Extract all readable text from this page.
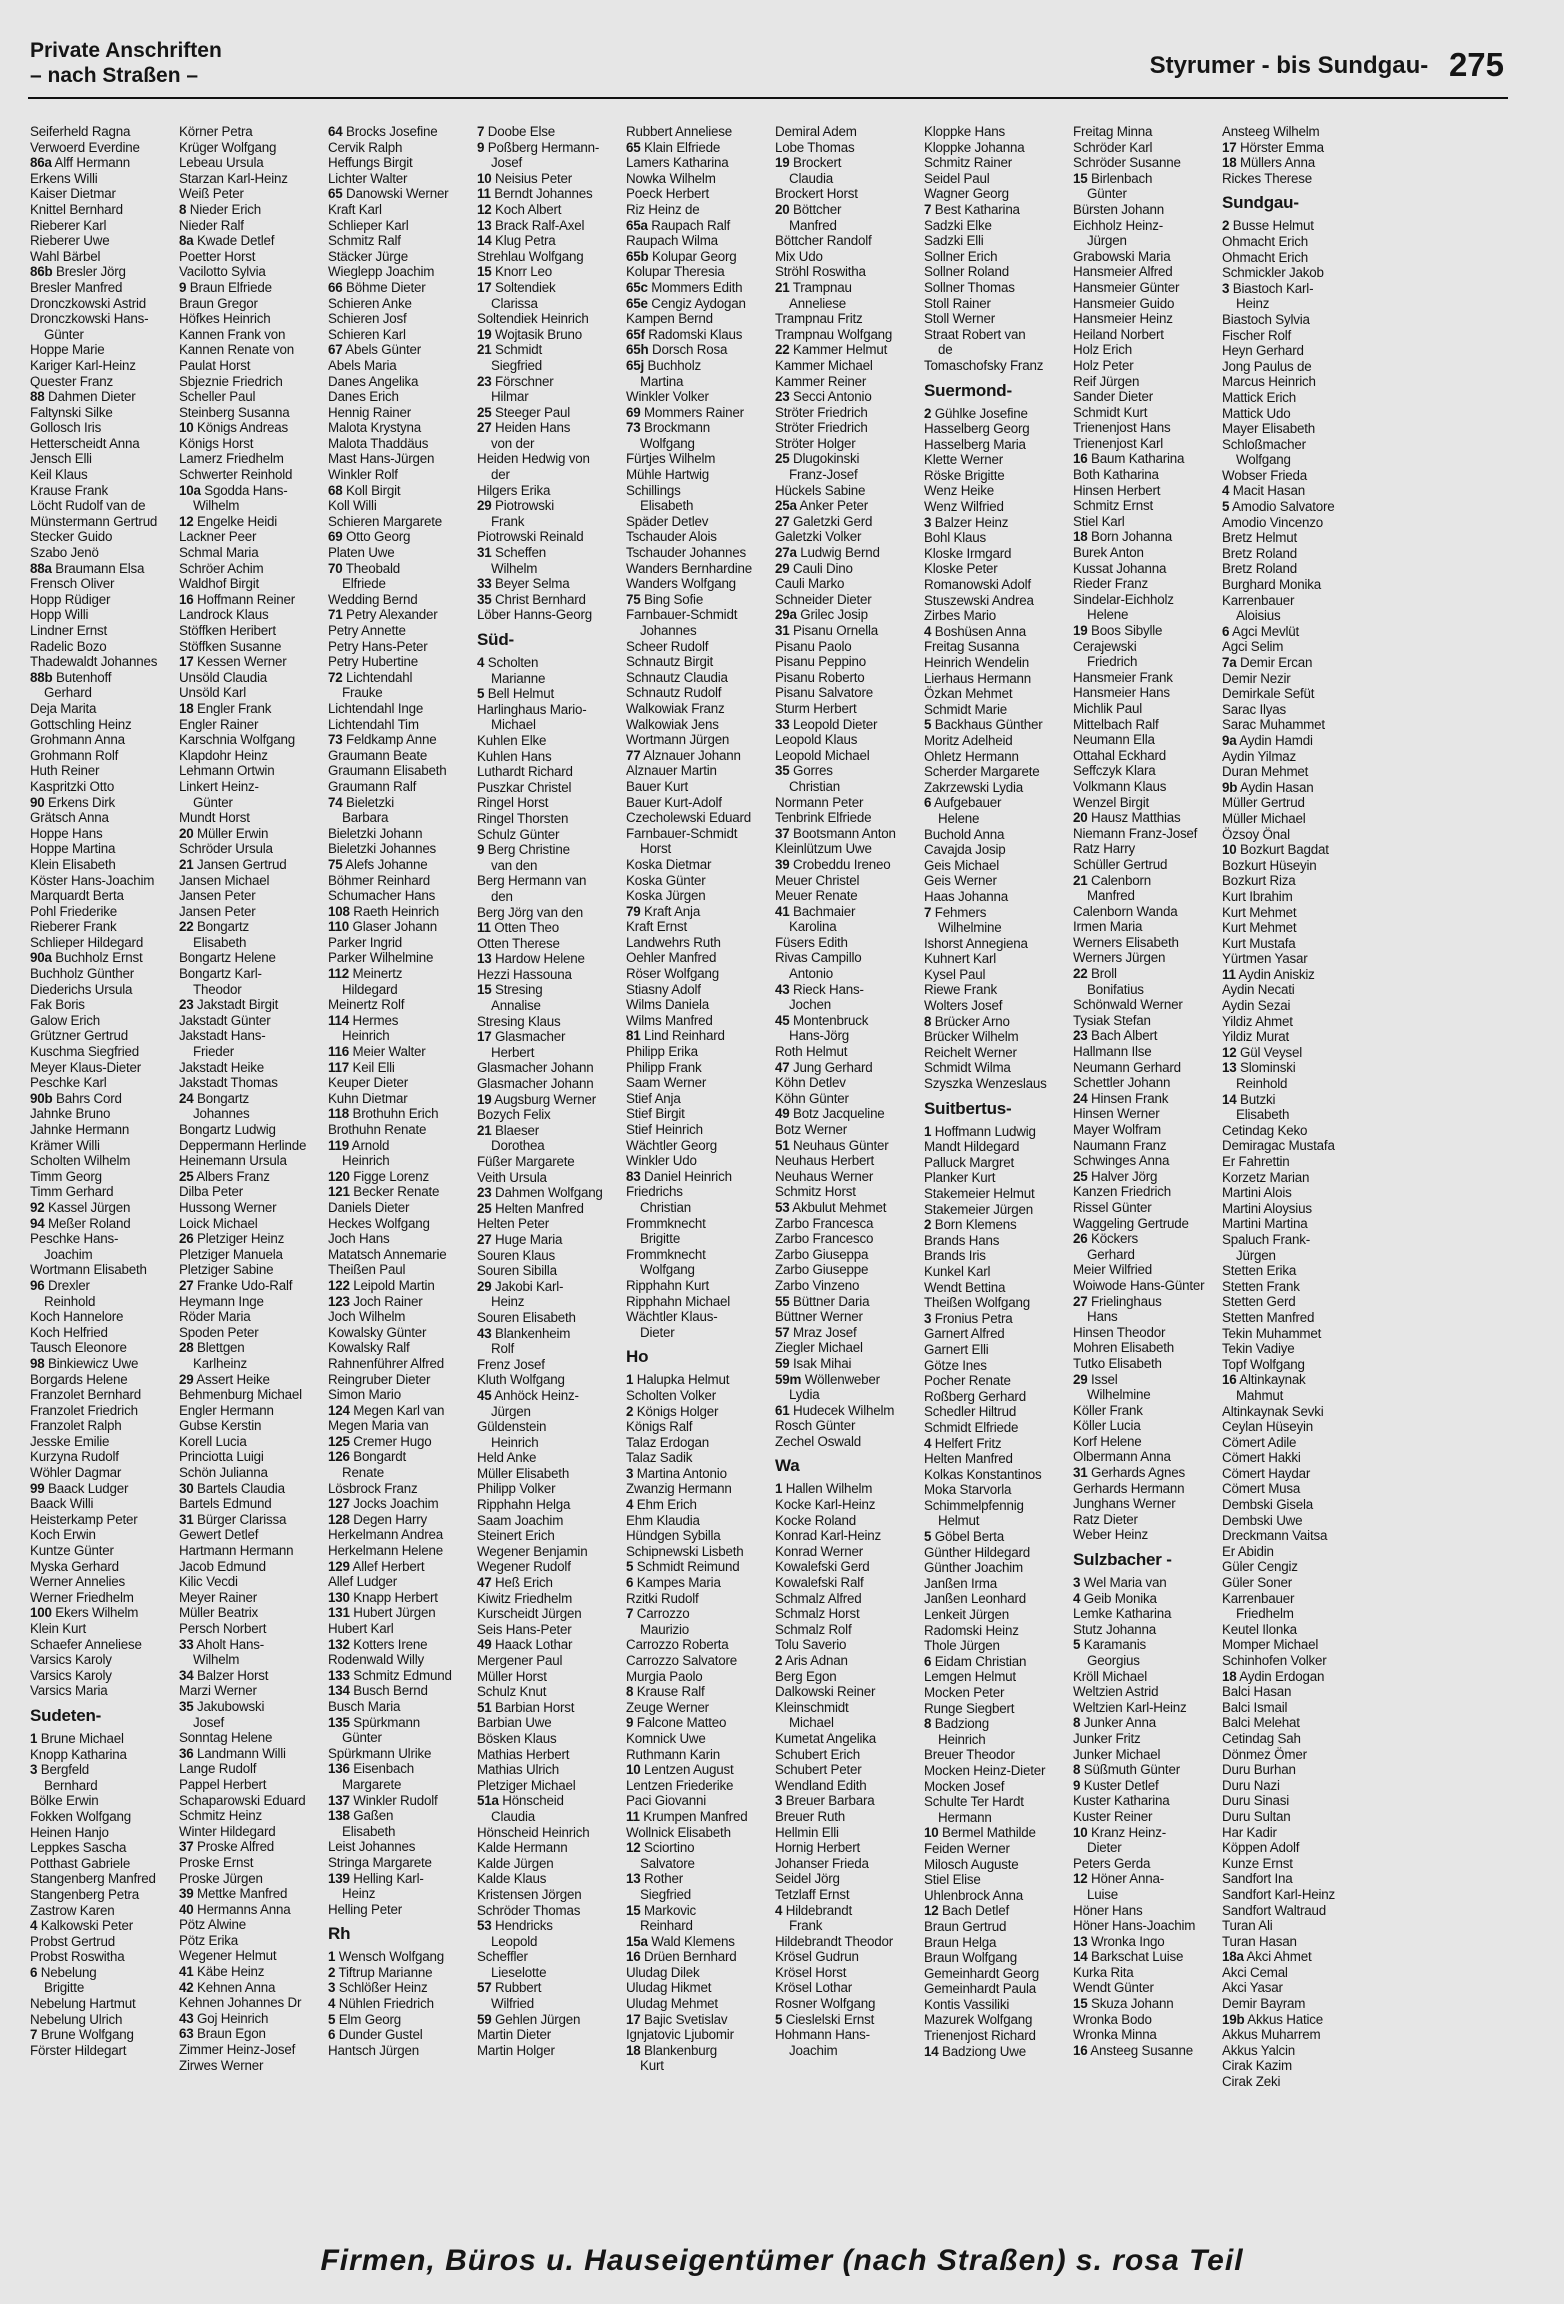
Private Anschriften
– nach Straßen –	Styrumer - bis Sundgau- 275
Seiferheld Ragna
Verwoerd Everdine
86a Alff Hermann
Erkens Willi
Kaiser Dietmar
Knittel Bernhard
Rieberer Karl
Rieberer Uwe
Wahl Bärbel
86b Bresler Jörg
Bresler Manfred
Dronczkowski Astrid
Dronczkowski Hans-
Günter
Hoppe Marie
Kariger Karl-Heinz
Quester Franz
88 Dahmen Dieter
Faltynski Silke
Gollosch Iris
Hetterscheidt Anna
Jensch Elli
Keil Klaus
Krause Frank
Löcht Rudolf van de
Münstermann Gertrud
Stecker Guido
Szabo Jenö
88a Braumann Elsa
Frensch Oliver
Hopp Rüdiger
Hopp Willi
Lindner Ernst
Radelic Bozo
Thadewaldt Johannes
88b Butenhoff
Gerhard
Deja Marita
Gottschling Heinz
Grohmann Anna
Grohmann Rolf
Huth Reiner
Kaspritzki Otto
90 Erkens Dirk
Grätsch Anna
Hoppe Hans
Hoppe Martina
Klein Elisabeth
Köster Hans-Joachim
Marquardt Berta
Pohl Friederike
Rieberer Frank
Schlieper Hildegard
90a Buchholz Ernst
Buchholz Günther
Diederichs Ursula
Fak Boris
Galow Erich
Grützner Gertrud
Kuschma Siegfried
Meyer Klaus-Dieter
Peschke Karl
90b Bahrs Cord
Jahnke Bruno
Jahnke Hermann
Krämer Willi
Scholten Wilhelm
Timm Georg
Timm Gerhard
92 Kassel Jürgen
94 Meßer Roland
Peschke Hans-
Joachim
Wortmann Elisabeth
96 Drexler
Reinhold
Koch Hannelore
Koch Helfried
Tausch Eleonore
98 Binkiewicz Uwe
Borgards Helene
Franzolet Bernhard
Franzolet Friedrich
Franzolet Ralph
Jesske Emilie
Kurzyna Rudolf
Wöhler Dagmar
99 Baack Ludger
Baack Willi
Heisterkamp Peter
Koch Erwin
Kuntze Günter
Myska Gerhard
Werner Annelies
Werner Friedhelm
100 Ekers Wilhelm
Klein Kurt
Schaefer Anneliese
Varsics Karoly
Varsics Karoly
Varsics Maria
Sudeten-
1 Brune Michael
Knopp Katharina
3 Bergfeld
Bernhard
Bölke Erwin
Fokken Wolfgang
Heinen Hanjo
Leppkes Sascha
Potthast Gabriele
Stangenberg Manfred
Stangenberg Petra
Zastrow Karen
4 Kalkowski Peter
Probst Gertrud
Probst Roswitha
6 Nebelung
Brigitte
Nebelung Hartmut
Nebelung Ulrich
7 Brune Wolfgang
Förster Hildegart
Körner Petra
Krüger Wolfgang
Lebeau Ursula
Starzan Karl-Heinz
Weiß Peter
8 Nieder Erich
Nieder Ralf
8a Kwade Detlef
Poetter Horst
Vacilotto Sylvia
9 Braun Elfriede
Braun Gregor
Höfkes Heinrich
Kannen Frank von
Kannen Renate von
Paulat Horst
Sbjeznie Friedrich
Scheller Paul
Steinberg Susanna
10 Königs Andreas
Königs Horst
Lamerz Friedhelm
Schwerter Reinhold
10a Sgodda Hans-
Wilhelm
12 Engelke Heidi
Lackner Peer
Schmal Maria
Schröer Achim
Waldhof Birgit
16 Hoffmann Reiner
Landrock Klaus
Stöffken Heribert
Stöffken Susanne
17 Kessen Werner
Unsöld Claudia
Unsöld Karl
18 Engler Frank
Engler Rainer
Karschnia Wolfgang
Klapdohr Heinz
Lehmann Ortwin
Linkert Heinz-
Günter
Mundt Horst
20 Müller Erwin
Schröder Ursula
21 Jansen Gertrud
Jansen Michael
Jansen Peter
Jansen Peter
22 Bongartz
Elisabeth
Bongartz Helene
Bongartz Karl-
Theodor
23 Jakstadt Birgit
Jakstadt Günter
Jakstadt Hans-
Frieder
Jakstadt Heike
Jakstadt Thomas
24 Bongartz
Johannes
Bongartz Ludwig
Deppermann Herlinde
Heinemann Ursula
25 Albers Franz
Dilba Peter
Hussong Werner
Loick Michael
26 Pletziger Heinz
Pletziger Manuela
Pletziger Sabine
27 Franke Udo-Ralf
Heymann Inge
Röder Maria
Spoden Peter
28 Blettgen
Karlheinz
29 Assert Heike
Behmenburg Michael
Engler Hermann
Gubse Kerstin
Korell Lucia
Princiotta Luigi
Schön Julianna
30 Bartels Claudia
Bartels Edmund
31 Bürger Clarissa
Gewert Detlef
Hartmann Hermann
Jacob Edmund
Kilic Vecdi
Meyer Rainer
Müller Beatrix
Persch Norbert
33 Aholt Hans-
Wilhelm
34 Balzer Horst
Marzi Werner
35 Jakubowski
Josef
Sonntag Helene
36 Landmann Willi
Lange Rudolf
Pappel Herbert
Schaparowski Eduard
Schmitz Heinz
Winter Hildegard
37 Proske Alfred
Proske Ernst
Proske Jürgen
39 Mettke Manfred
40 Hermanns Anna
Pötz Alwine
Pötz Erika
Wegener Helmut
41 Käbe Heinz
42 Kehnen Anna
Kehnen Johannes Dr
43 Goj Heinrich
63 Braun Egon
Zimmer Heinz-Josef
Zirwes Werner
64 Brocks Josefine
Cervik Ralph
Heffungs Birgit
Lichter Walter
65 Danowski Werner
Kraft Karl
Schlieper Karl
Schmitz Ralf
Stäcker Jürge
Wieglepp Joachim
66 Böhme Dieter
Schieren Anke
Schieren Josf
Schieren Karl
67 Abels Günter
Abels Maria
Danes Angelika
Danes Erich
Hennig Rainer
Malota Krystyna
Malota Thaddäus
Mast Hans-Jürgen
Winkler Rolf
68 Koll Birgit
Koll Willi
Schieren Margarete
69 Otto Georg
Platen Uwe
70 Theobald
Elfriede
Wedding Bernd
71 Petry Alexander
Petry Annette
Petry Hans-Peter
Petry Hubertine
72 Lichtendahl
Frauke
Lichtendahl Inge
Lichtendahl Tim
73 Feldkamp Anne
Graumann Beate
Graumann Elisabeth
Graumann Ralf
74 Bieletzki
Barbara
Bieletzki Johann
Bieletzki Johannes
75 Alefs Johanne
Böhmer Reinhard
Schumacher Hans
108 Raeth Heinrich
110 Glaser Johann
Parker Ingrid
Parker Wilhelmine
112 Meinertz
Hildegard
Meinertz Rolf
114 Hermes
Heinrich
116 Meier Walter
117 Keil Elli
Keuper Dieter
Kuhn Dietmar
118 Brothuhn Erich
Brothuhn Renate
119 Arnold
Heinrich
120 Figge Lorenz
121 Becker Renate
Daniels Dieter
Heckes Wolfgang
Joch Hans
Matatsch Annemarie
Theißen Paul
122 Leipold Martin
123 Joch Rainer
Joch Wilhelm
Kowalsky Günter
Kowalsky Ralf
Rahnenführer Alfred
Reingruber Dieter
Simon Mario
124 Megen Karl van
Megen Maria van
125 Cremer Hugo
126 Bongardt
Renate
Lösbrock Franz
127 Jocks Joachim
128 Degen Harry
Herkelmann Andrea
Herkelmann Helene
129 Allef Herbert
Allef Ludger
130 Knapp Herbert
131 Hubert Jürgen
Hubert Karl
132 Kotters Irene
Rodenwald Willy
133 Schmitz Edmund
134 Busch Bernd
Busch Maria
135 Spürkmann
Günter
Spürkmann Ulrike
136 Eisenbach
Margarete
137 Winkler Rudolf
138 Gaßen
Elisabeth
Leist Johannes
Stringa Margarete
139 Helling Karl-
Heinz
Helling Peter
Rh
1 Wensch Wolfgang
2 Tiftrup Marianne
3 Schlößer Heinz
4 Nühlen Friedrich
5 Elm Georg
6 Dunder Gustel
Hantsch Jürgen
7 Doobe Else
9 Poßberg Hermann-
Josef
10 Neisius Peter
11 Berndt Johannes
12 Koch Albert
13 Brack Ralf-Axel
14 Klug Petra
Strehlau Wolfgang
15 Knorr Leo
17 Soltendiek
Clarissa
Soltendiek Heinrich
19 Wojtasik Bruno
21 Schmidt
Siegfried
23 Förschner
Hilmar
25 Steeger Paul
27 Heiden Hans
von der
Heiden Hedwig von
der
Hilgers Erika
29 Piotrowski
Frank
Piotrowski Reinald
31 Scheffen
Wilhelm
33 Beyer Selma
35 Christ Bernhard
Löber Hanns-Georg
Süd-
4 Scholten
Marianne
5 Bell Helmut
Harlinghaus Mario-
Michael
Kuhlen Elke
Kuhlen Hans
Luthardt Richard
Puszkar Christel
Ringel Horst
Ringel Thorsten
Schulz Günter
9 Berg Christine
van den
Berg Hermann van
den
Berg Jörg van den
11 Otten Theo
Otten Therese
13 Hardow Helene
Hezzi Hassouna
15 Stresing
Annalise
Stresing Klaus
17 Glasmacher
Herbert
Glasmacher Johann
Glasmacher Johann
19 Augsburg Werner
Bozych Felix
21 Blaeser
Dorothea
Füßer Margarete
Veith Ursula
23 Dahmen Wolfgang
25 Helten Manfred
Helten Peter
27 Huge Maria
Souren Klaus
Souren Sibilla
29 Jakobi Karl-
Heinz
Souren Elisabeth
43 Blankenheim
Rolf
Frenz Josef
Kluth Wolfgang
45 Anhöck Heinz-
Jürgen
Güldenstein
Heinrich
Held Anke
Müller Elisabeth
Philipp Volker
Ripphahn Helga
Saam Joachim
Steinert Erich
Wegener Benjamin
Wegener Rudolf
47 Heß Erich
Kiwitz Friedhelm
Kurscheidt Jürgen
Seis Hans-Peter
49 Haack Lothar
Mergener Paul
Müller Horst
Schulz Knut
51 Barbian Horst
Barbian Uwe
Bösken Klaus
Mathias Herbert
Mathias Ulrich
Pletziger Michael
51a Hönscheid
Claudia
Hönscheid Heinrich
Kalde Hermann
Kalde Jürgen
Kalde Klaus
Kristensen Jörgen
Schröder Thomas
53 Hendricks
Leopold
Scheffler
Lieselotte
57 Rubbert
Wilfried
59 Gehlen Jürgen
Martin Dieter
Martin Holger
Rubbert Anneliese
65 Klain Elfriede
Lamers Katharina
Nowka Wilhelm
Poeck Herbert
Riz Heinz de
65a Raupach Ralf
Raupach Wilma
65b Kolupar Georg
Kolupar Theresia
65c Mommers Edith
65e Cengiz Aydogan
Kampen Bernd
65f Radomski Klaus
65h Dorsch Rosa
65j Buchholz
Martina
Winkler Volker
69 Mommers Rainer
73 Brockmann
Wolfgang
Fürtjes Wilhelm
Mühle Hartwig
Schillings
Elisabeth
Späder Detlev
Tschauder Alois
Tschauder Johannes
Wanders Bernhardine
Wanders Wolfgang
75 Bing Sofie
Farnbauer-Schmidt
Johannes
Scheer Rudolf
Schnautz Birgit
Schnautz Claudia
Schnautz Rudolf
Walkowiak Franz
Walkowiak Jens
Wortmann Jürgen
77 Alznauer Johann
Alznauer Martin
Bauer Kurt
Bauer Kurt-Adolf
Czecholewski Eduard
Farnbauer-Schmidt
Horst
Koska Dietmar
Koska Günter
Koska Jürgen
79 Kraft Anja
Kraft Ernst
Landwehrs Ruth
Oehler Manfred
Röser Wolfgang
Stiasny Adolf
Wilms Daniela
Wilms Manfred
81 Lind Reinhard
Philipp Erika
Philipp Frank
Saam Werner
Stief Anja
Stief Birgit
Stief Heinrich
Wächtler Georg
Winkler Udo
83 Daniel Heinrich
Friedrichs
Christian
Frommknecht
Brigitte
Frommknecht
Wolfgang
Ripphahn Kurt
Ripphahn Michael
Wächtler Klaus-
Dieter
Ho
1 Halupka Helmut
Scholten Volker
2 Königs Holger
Königs Ralf
Talaz Erdogan
Talaz Sadik
3 Martina Antonio
Zwanzig Hermann
4 Ehm Erich
Ehm Klaudia
Hündgen Sybilla
Schipnewski Lisbeth
5 Schmidt Reimund
6 Kampes Maria
Rzitki Rudolf
7 Carrozzo
Maurizio
Carrozzo Roberta
Carrozzo Salvatore
Murgia Paolo
8 Krause Ralf
Zeuge Werner
9 Falcone Matteo
Komnick Uwe
Ruthmann Karin
10 Lentzen August
Lentzen Friederike
Paci Giovanni
11 Krumpen Manfred
Wollnick Elisabeth
12 Sciortino
Salvatore
13 Rother
Siegfried
15 Markovic
Reinhard
15a Wald Klemens
16 Drüen Bernhard
Uludag Dilek
Uludag Hikmet
Uludag Mehmet
17 Bajic Svetislav
Ignjatovic Ljubomir
18 Blankenburg
Kurt
Demiral Adem
Lobe Thomas
19 Brockert
Claudia
Brockert Horst
20 Böttcher
Manfred
Böttcher Randolf
Mix Udo
Ströhl Roswitha
21 Trampnau
Anneliese
Trampnau Fritz
Trampnau Wolfgang
22 Kammer Helmut
Kammer Michael
Kammer Reiner
23 Secci Antonio
Ströter Friedrich
Ströter Friedrich
Ströter Holger
25 Dlugokinski
Franz-Josef
Hückels Sabine
25a Anker Peter
27 Galetzki Gerd
Galetzki Volker
27a Ludwig Bernd
29 Cauli Dino
Cauli Marko
Schneider Dieter
29a Grilec Josip
31 Pisanu Ornella
Pisanu Paolo
Pisanu Peppino
Pisanu Roberto
Pisanu Salvatore
Sturm Herbert
33 Leopold Dieter
Leopold Klaus
Leopold Michael
35 Gorres
Christian
Normann Peter
Tenbrink Elfriede
37 Bootsmann Anton
Kleinlützum Uwe
39 Crobeddu Ireneo
Meuer Christel
Meuer Renate
41 Bachmaier
Karolina
Füsers Edith
Rivas Campillo
Antonio
43 Rieck Hans-
Jochen
45 Montenbruck
Hans-Jörg
Roth Helmut
47 Jung Gerhard
Köhn Detlev
Köhn Günter
49 Botz Jacqueline
Botz Werner
51 Neuhaus Günter
Neuhaus Herbert
Neuhaus Werner
Schmitz Horst
53 Akbulut Mehmet
Zarbo Francesca
Zarbo Francesco
Zarbo Giuseppa
Zarbo Giuseppe
Zarbo Vinzeno
55 Büttner Daria
Büttner Werner
57 Mraz Josef
Ziegler Michael
59 Isak Mihai
59m Wöllenweber
Lydia
61 Hudecek Wilhelm
Rosch Günter
Zechel Oswald
Wa
1 Hallen Wilhelm
Kocke Karl-Heinz
Kocke Roland
Konrad Karl-Heinz
Konrad Werner
Kowalefski Gerd
Kowalefski Ralf
Schmalz Alfred
Schmalz Horst
Schmalz Rolf
Tolu Saverio
2 Aris Adnan
Berg Egon
Dalkowski Reiner
Kleinschmidt
Michael
Kumetat Angelika
Schubert Erich
Schubert Peter
Wendland Edith
3 Breuer Barbara
Breuer Ruth
Hellmin Elli
Hornig Herbert
Johanser Frieda
Seidel Jörg
Tetzlaff Ernst
4 Hildebrandt
Frank
Hildebrandt Theodor
Krösel Gudrun
Krösel Horst
Krösel Lothar
Rosner Wolfgang
5 Cieslelski Ernst
Hohmann Hans-
Joachim
Kloppke Hans
Kloppke Johanna
Schmitz Rainer
Seidel Paul
Wagner Georg
7 Best Katharina
Sadzki Elke
Sadzki Elli
Sollner Erich
Sollner Roland
Sollner Thomas
Stoll Rainer
Stoll Werner
Straat Robert van
de
Tomaschofsky Franz
Suermond-
2 Gühlke Josefine
Hasselberg Georg
Hasselberg Maria
Klette Werner
Röske Brigitte
Wenz Heike
Wenz Wilfried
3 Balzer Heinz
Bohl Klaus
Kloske Irmgard
Kloske Peter
Romanowski Adolf
Stuszewski Andrea
Zirbes Mario
4 Boshüsen Anna
Freitag Susanna
Heinrich Wendelin
Lierhaus Hermann
Özkan Mehmet
Schmidt Marie
5 Backhaus Günther
Moritz Adelheid
Ohletz Hermann
Scherder Margarete
Zakrzewski Lydia
6 Aufgebauer
Helene
Buchold Anna
Cavajda Josip
Geis Michael
Geis Werner
Haas Johanna
7 Fehmers
Wilhelmine
Ishorst Annegiena
Kuhnert Karl
Kysel Paul
Riewe Frank
Wolters Josef
8 Brücker Arno
Brücker Wilhelm
Reichelt Werner
Schmidt Wilma
Szyszka Wenzeslaus
Suitbertus-
1 Hoffmann Ludwig
Mandt Hildegard
Palluck Margret
Planker Kurt
Stakemeier Helmut
Stakemeier Jürgen
2 Born Klemens
Brands Hans
Brands Iris
Kunkel Karl
Wendt Bettina
Theißen Wolfgang
3 Fronius Petra
Garnert Alfred
Garnert Elli
Götze Ines
Pocher Renate
Roßberg Gerhard
Schedler Hiltrud
Schmidt Elfriede
4 Helfert Fritz
Helten Manfred
Kolkas Konstantinos
Moka Starvorla
Schimmelpfennig
Helmut
5 Göbel Berta
Günther Hildegard
Günther Joachim
Janßen Irma
Janßen Leonhard
Lenkeit Jürgen
Radomski Heinz
Thole Jürgen
6 Eidam Christian
Lemgen Helmut
Mocken Peter
Runge Siegbert
8 Badziong
Heinrich
Breuer Theodor
Mocken Heinz-Dieter
Mocken Josef
Schulte Ter Hardt
Hermann
10 Bermel Mathilde
Feiden Werner
Milosch Auguste
Stiel Elise
Uhlenbrock Anna
12 Bach Detlef
Braun Gertrud
Braun Helga
Braun Wolfgang
Gemeinhardt Georg
Gemeinhardt Paula
Kontis Vassiliki
Mazurek Wolfgang
Trienenjost Richard
14 Badziong Uwe
Freitag Minna
Schröder Karl
Schröder Susanne
15 Birlenbach
Günter
Bürsten Johann
Eichholz Heinz-
Jürgen
Grabowski Maria
Hansmeier Alfred
Hansmeier Günter
Hansmeier Guido
Hansmeier Heinz
Heiland Norbert
Holz Erich
Holz Peter
Reif Jürgen
Sander Dieter
Schmidt Kurt
Trienenjost Hans
Trienenjost Karl
16 Baum Katharina
Both Katharina
Hinsen Herbert
Schmitz Ernst
Stiel Karl
18 Born Johanna
Burek Anton
Kussat Johanna
Rieder Franz
Sindelar-Eichholz
Helene
19 Boos Sibylle
Cerajewski
Friedrich
Hansmeier Frank
Hansmeier Hans
Michlik Paul
Mittelbach Ralf
Neumann Ella
Ottahal Eckhard
Seffczyk Klara
Volkmann Klaus
Wenzel Birgit
20 Hausz Matthias
Niemann Franz-Josef
Ratz Harry
Schüller Gertrud
21 Calenborn
Manfred
Calenborn Wanda
Irmen Maria
Werners Elisabeth
Werners Jürgen
22 Broll
Bonifatius
Schönwald Werner
Tysiak Stefan
23 Bach Albert
Hallmann Ilse
Neumann Gerhard
Schettler Johann
24 Hinsen Frank
Hinsen Werner
Mayer Wolfram
Naumann Franz
Schwinges Anna
25 Halver Jörg
Kanzen Friedrich
Rissel Günter
Waggeling Gertrude
26 Köckers
Gerhard
Meier Wilfried
Woiwode Hans-Günter
27 Frielinghaus
Hans
Hinsen Theodor
Mohren Elisabeth
Tutko Elisabeth
29 Issel
Wilhelmine
Köller Frank
Köller Lucia
Korf Helene
Olbermann Anna
31 Gerhards Agnes
Gerhards Hermann
Junghans Werner
Ratz Dieter
Weber Heinz
Sulzbacher -
3 Wel Maria van
4 Geib Monika
Lemke Katharina
Stutz Johanna
5 Karamanis
Georgius
Kröll Michael
Weltzien Astrid
Weltzien Karl-Heinz
8 Junker Anna
Junker Fritz
Junker Michael
8 Süßmuth Günter
9 Kuster Detlef
Kuster Katharina
Kuster Reiner
10 Kranz Heinz-
Dieter
Peters Gerda
12 Höner Anna-
Luise
Höner Hans
Höner Hans-Joachim
13 Wronka Ingo
14 Barkschat Luise
Kurka Rita
Wendt Günter
15 Skuza Johann
Wronka Bodo
Wronka Minna
16 Ansteeg Susanne
Ansteeg Wilhelm
17 Hörster Emma
18 Müllers Anna
Rickes Therese
Sundgau-
2 Busse Helmut
Ohmacht Erich
Ohmacht Erich
Schmickler Jakob
3 Biastoch Karl-
Heinz
Biastoch Sylvia
Fischer Rolf
Heyn Gerhard
Jong Paulus de
Marcus Heinrich
Mattick Erich
Mattick Udo
Mayer Elisabeth
Schloßmacher
Wolfgang
Wobser Frieda
4 Macit Hasan
5 Amodio Salvatore
Amodio Vincenzo
Bretz Helmut
Bretz Roland
Bretz Roland
Burghard Monika
Karrenbauer
Aloisius
6 Agci Mevlüt
Agci Selim
7a Demir Ercan
Demir Nezir
Demirkale Sefüt
Sarac Ilyas
Sarac Muhammet
9a Aydin Hamdi
Aydin Yilmaz
Duran Mehmet
9b Aydin Hasan
Müller Gertrud
Müller Michael
Özsoy Önal
10 Bozkurt Bagdat
Bozkurt Hüseyin
Bozkurt Riza
Kurt Ibrahim
Kurt Mehmet
Kurt Mehmet
Kurt Mustafa
Yürtmen Yasar
11 Aydin Aniskiz
Aydin Necati
Aydin Sezai
Yildiz Ahmet
Yildiz Murat
12 Gül Veysel
13 Slominski
Reinhold
14 Butzki
Elisabeth
Cetindag Keko
Demiragac Mustafa
Er Fahrettin
Korzetz Marian
Martini Alois
Martini Aloysius
Martini Martina
Spaluch Frank-
Jürgen
Stetten Erika
Stetten Frank
Stetten Gerd
Stetten Manfred
Tekin Muhammet
Tekin Vadiye
Topf Wolfgang
16 Altinkaynak
Mahmut
Altinkaynak Sevki
Ceylan Hüseyin
Cömert Adile
Cömert Hakki
Cömert Haydar
Cömert Musa
Dembski Gisela
Dembski Uwe
Dreckmann Vaitsa
Er Abidin
Güler Cengiz
Güler Soner
Karrenbauer
Friedhelm
Keutel Ilonka
Momper Michael
Schinhofen Volker
18 Aydin Erdogan
Balci Hasan
Balci Ismail
Balci Melehat
Cetindag Sah
Dönmez Ömer
Duru Burhan
Duru Nazi
Duru Sinasi
Duru Sultan
Har Kadir
Köppen Adolf
Kunze Ernst
Sandfort Ina
Sandfort Karl-Heinz
Sandfort Waltraud
Turan Ali
Turan Hasan
18a Akci Ahmet
Akci Cemal
Akci Yasar
Demir Bayram
19b Akkus Hatice
Akkus Muharrem
Akkus Yalcin
Cirak Kazim
Cirak Zeki
Firmen, Büros u. Hauseigentümer (nach Straßen) s. rosa Teil
